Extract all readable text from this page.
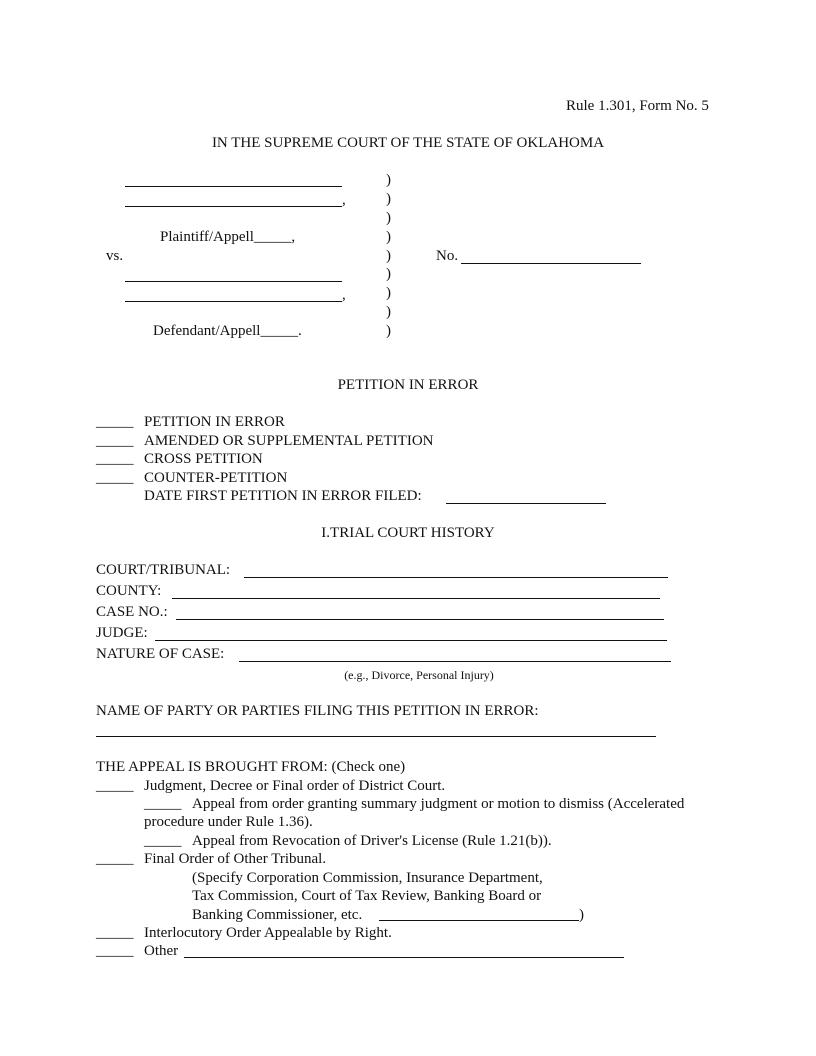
Rule 1.301, Form No. 5
IN THE SUPREME COURT OF THE STATE OF OKLAHOMA
,
Plaintiff/Appell_____,
vs.
,
Defendant/Appell_____.
)
)
)
)
)
)
)
)
)
No.
PETITION IN ERROR
_____ PETITION IN ERROR
_____ AMENDED OR SUPPLEMENTAL PETITION
_____ CROSS PETITION
_____ COUNTER-PETITION
DATE FIRST PETITION IN ERROR FILED:
I.TRIAL COURT HISTORY
COURT/TRIBUNAL:
COUNTY:
CASE NO.:
JUDGE:
NATURE OF CASE:
(e.g., Divorce, Personal Injury)
NAME OF PARTY OR PARTIES FILING THIS PETITION IN ERROR:
THE APPEAL IS BROUGHT FROM: (Check one)
_____ Judgment, Decree or Final order of District Court.
_____ Appeal from order granting summary judgment or motion to dismiss (Accelerated
procedure under Rule 1.36).
_____ Appeal from Revocation of Driver's License (Rule 1.21(b)).
_____ Final Order of Other Tribunal.
(Specify Corporation Commission, Insurance Department,
Tax Commission, Court of Tax Review, Banking Board or
Banking Commissioner, etc.	)
_____ Interlocutory Order Appealable by Right.
_____ Other
